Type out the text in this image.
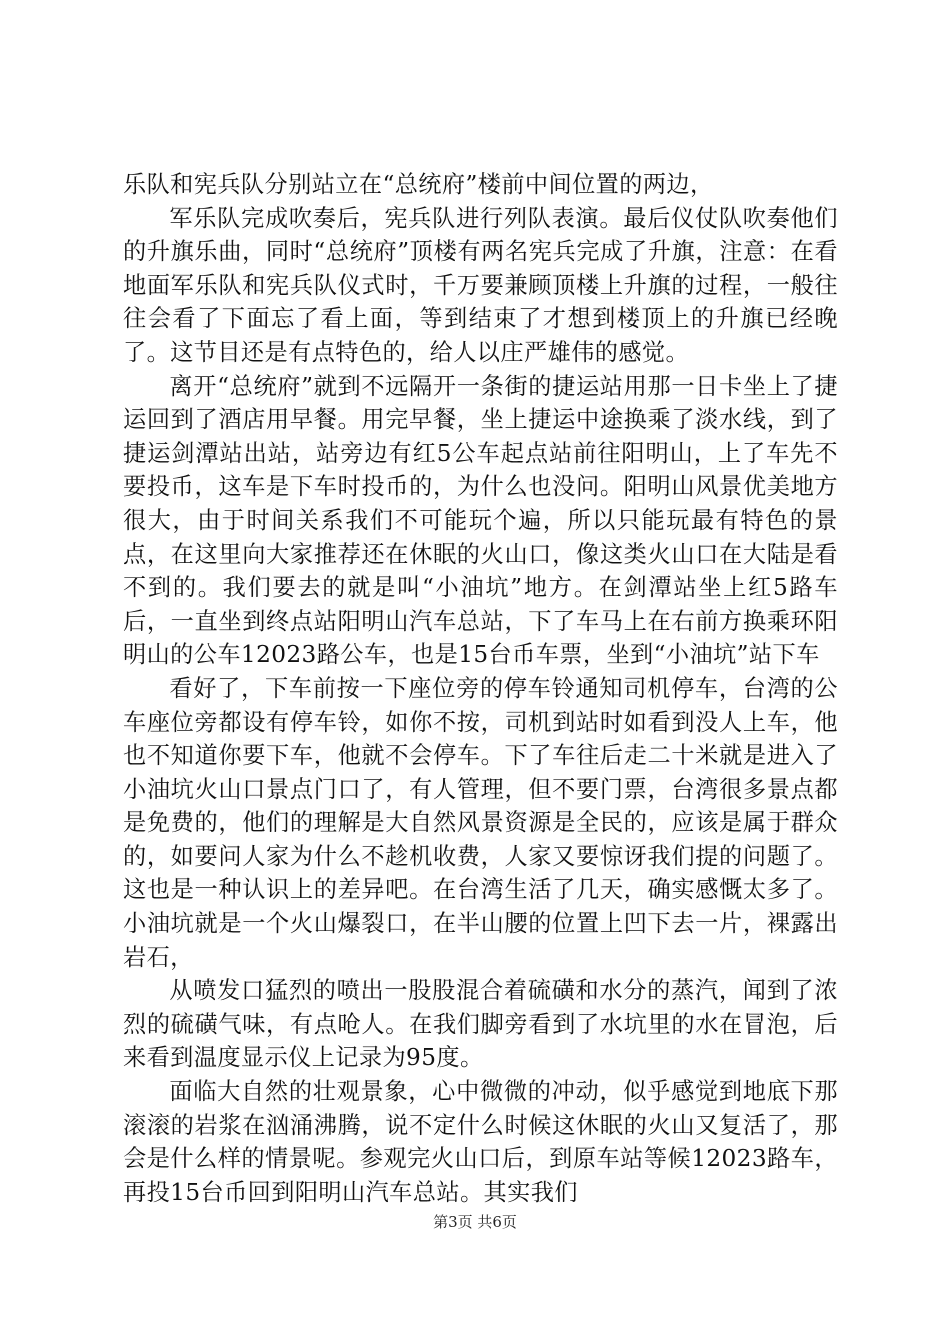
乐队和宪兵队分别站立在“总统府”楼前中间位置的两边，

军乐队完成吹奏后，宪兵队进行列队表演。最后仪仗队吹奏他们的升旗乐曲，同时“总统府”顶楼有两名宪兵完成了升旗，注意：在看地面军乐队和宪兵队仪式时，千万要兼顾顶楼上升旗的过程，一般往往会看了下面忘了看上面，等到结束了才想到楼顶上的升旗已经晚了。这节目还是有点特色的，给人以庄严雄伟的感觉。

离开“总统府”就到不远隔开一条街的捷运站用那一日卡坐上了捷运回到了酒店用早餐。用完早餐，坐上捷运中途换乘了淡水线，到了捷运剑潭站出站，站旁边有红5公车起点站前往阳明山，上了车先不要投币，这车是下车时投币的，为什么也没问。阳明山风景优美地方很大，由于时间关系我们不可能玩个遍，所以只能玩最有特色的景点，在这里向大家推荐还在休眠的火山口，像这类火山口在大陆是看不到的。我们要去的就是叫“小油坑”地方。在剑潭站坐上红5路车后，一直坐到终点站阳明山汽车总站，下了车马上在右前方换乘环阳明山的公车12023路公车，也是15台币车票，坐到“小油坑”站下车

看好了，下车前按一下座位旁的停车铃通知司机停车，台湾的公车座位旁都设有停车铃，如你不按，司机到站时如看到没人上车，他也不知道你要下车，他就不会停车。下了车往后走二十米就是进入了小油坑火山口景点门口了，有人管理，但不要门票，台湾很多景点都是免费的，他们的理解是大自然风景资源是全民的，应该是属于群众的，如要问人家为什么不趁机收费，人家又要惊讶我们提的问题了。这也是一种认识上的差异吧。在台湾生活了几天，确实感慨太多了。小油坑就是一个火山爆裂口，在半山腰的位置上凹下去一片，裸露出岩石，

从喷发口猛烈的喷出一股股混合着硫磺和水分的蒸汽，闻到了浓烈的硫磺气味，有点呛人。在我们脚旁看到了水坑里的水在冒泡，后来看到温度显示仪上记录为95度。

面临大自然的壮观景象，心中微微的冲动，似乎感觉到地底下那滚滚的岩浆在汹涌沸腾，说不定什么时候这休眠的火山又复活了，那会是什么样的情景呢。参观完火山口后，到原车站等候12023路车，再投15台币回到阳明山汽车总站。其实我们

第3页 共6页
